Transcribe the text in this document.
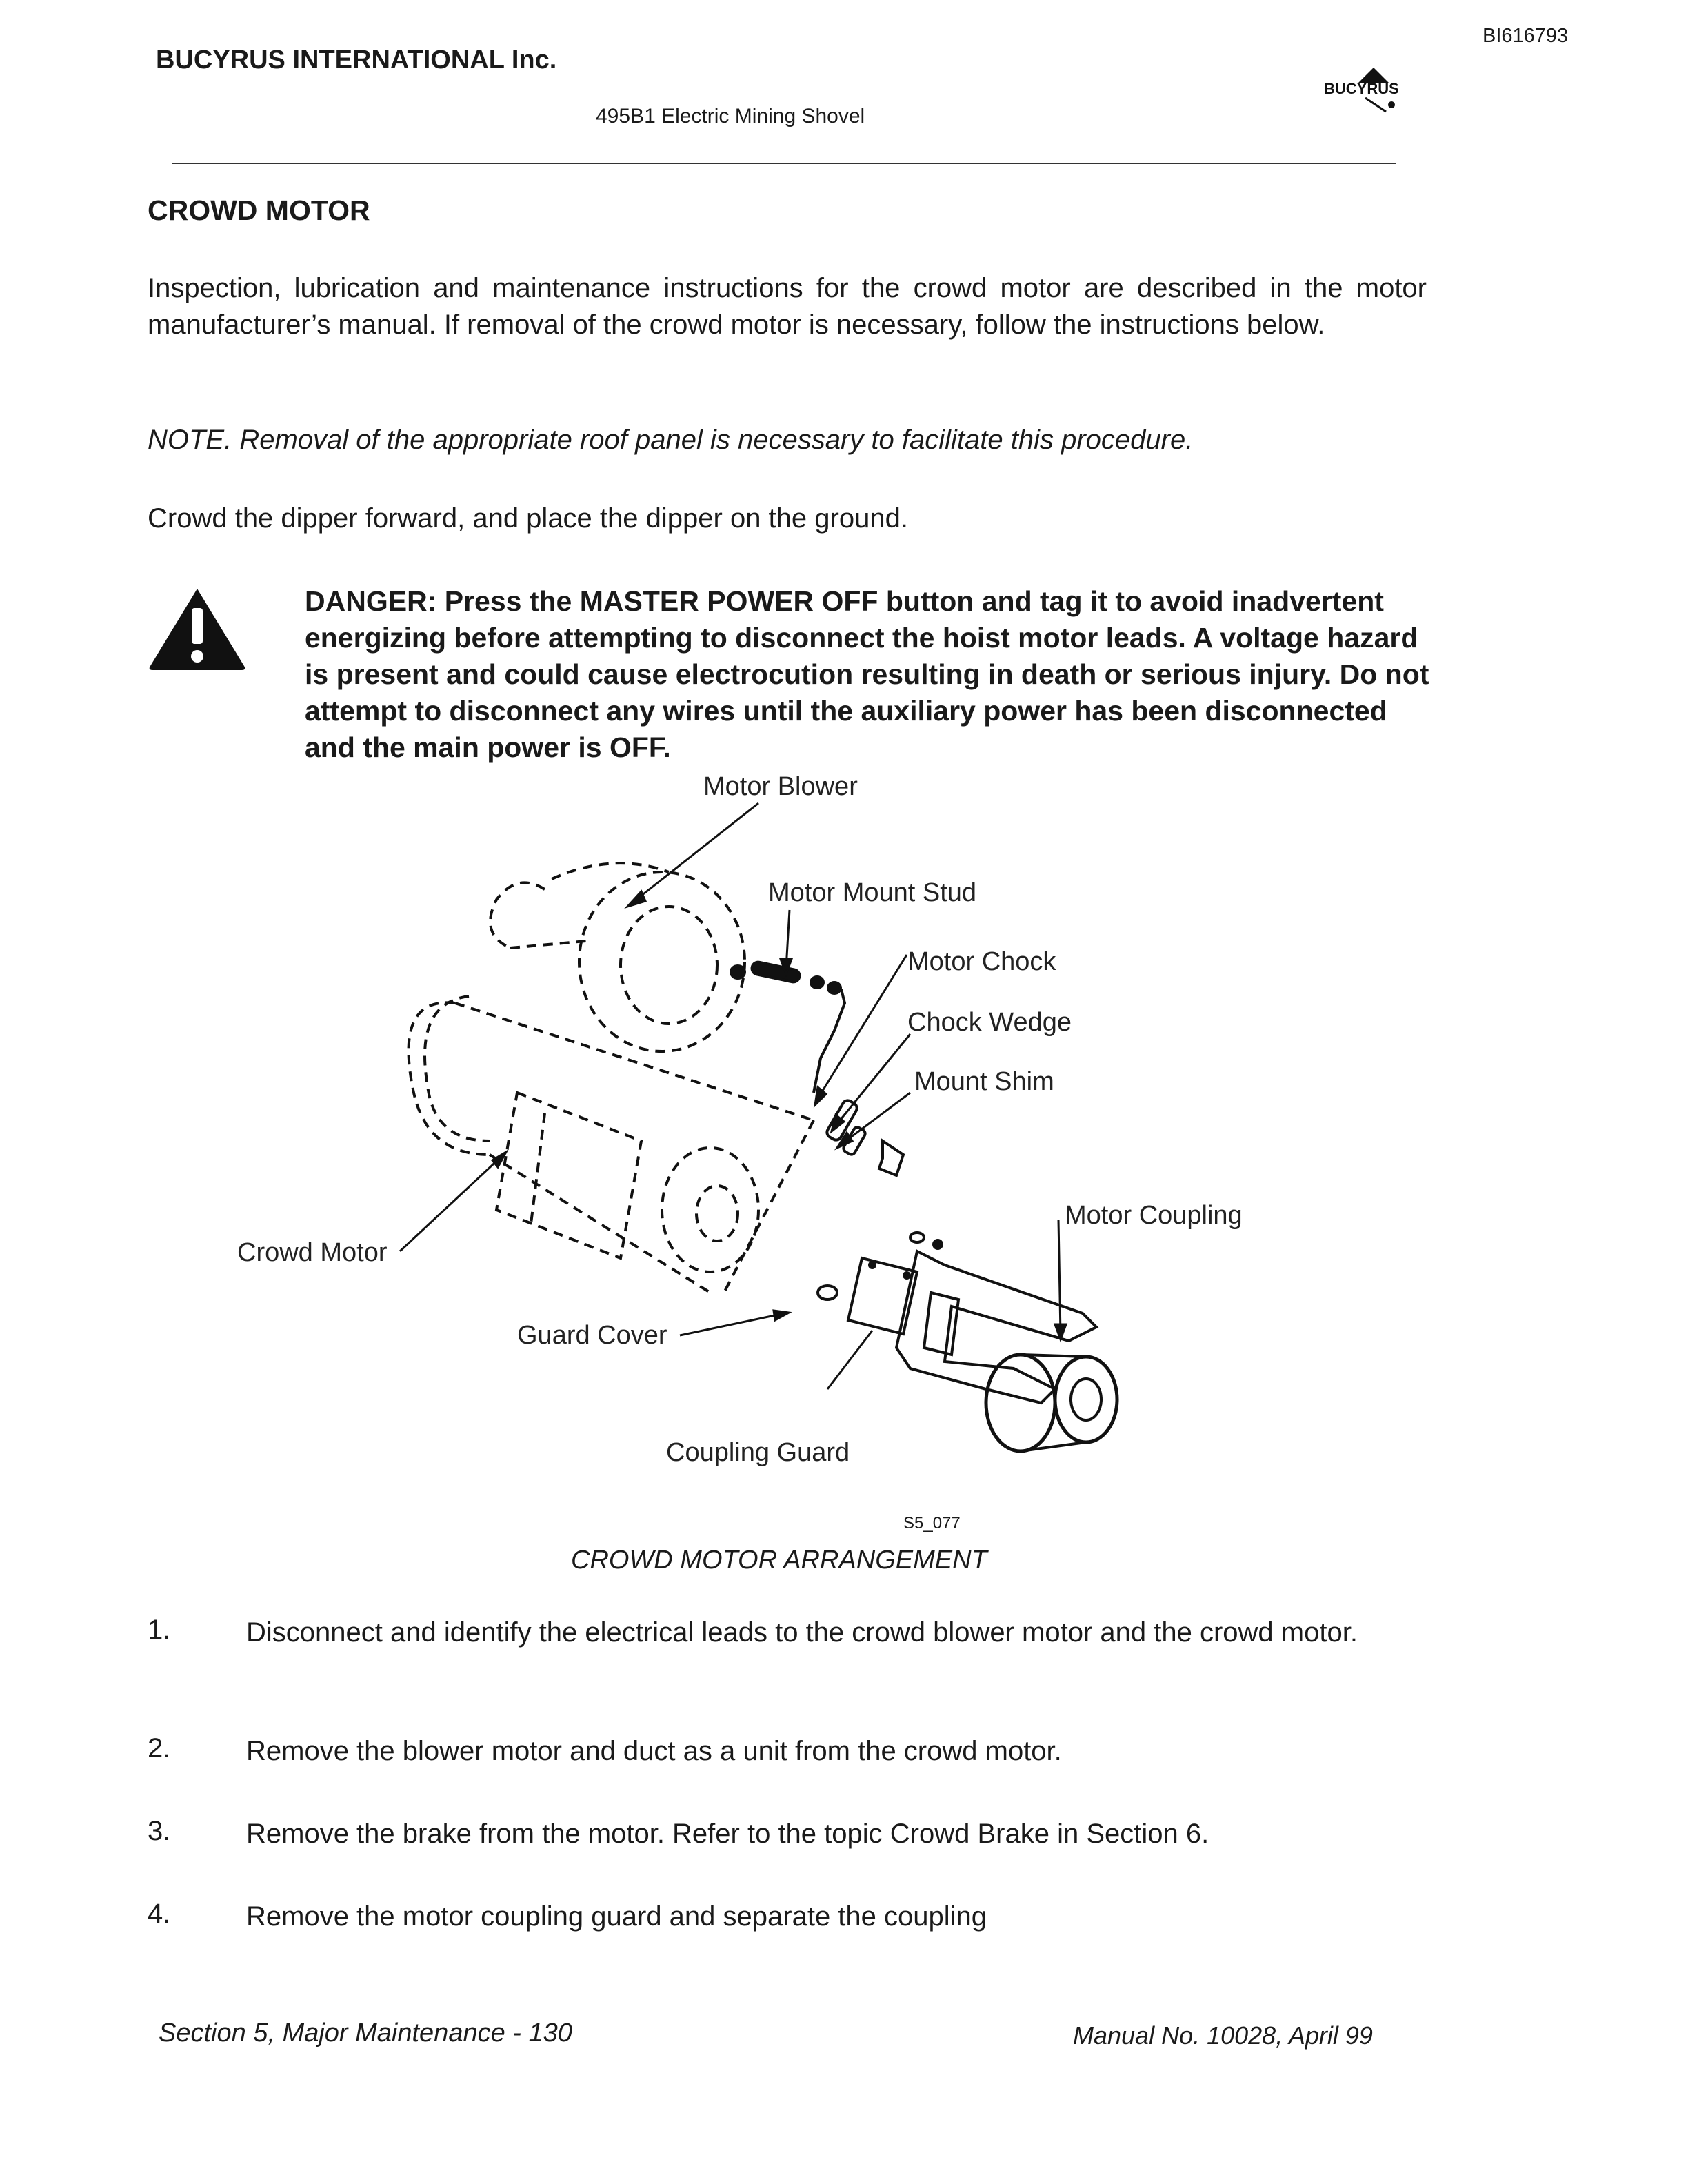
BI616793
BUCYRUS INTERNATIONAL Inc.
495B1 Electric Mining Shovel
BUCYRUS
CROWD MOTOR
Inspection, lubrication and maintenance instructions for the crowd motor are described in the motor manufacturer’s manual. If removal of the crowd motor is necessary, follow the instructions below.
NOTE. Removal of the appropriate roof panel is necessary to facilitate this procedure.
Crowd the dipper forward, and place the dipper on the ground.
DANGER: Press the MASTER POWER OFF button and tag it to avoid inadvertent energizing before attempting to disconnect the hoist motor leads. A voltage hazard is present and could cause electrocution resulting in death or serious injury. Do not attempt to disconnect any wires until the auxiliary power has been disconnected and the main power is OFF.
Motor Blower
Motor Mount Stud
Motor Chock
Chock Wedge
Mount Shim
Motor Coupling
Crowd Motor
Guard Cover
Coupling Guard
S5_077
CROWD MOTOR ARRANGEMENT
1.	Disconnect and identify the electrical leads to the crowd blower motor and the crowd motor.
2.	Remove the blower motor and duct as a unit from the crowd motor.
3.	Remove the brake from the motor. Refer to the topic Crowd Brake in Section 6.
4.	Remove the motor coupling guard and separate the coupling
Section 5, Major Maintenance - 130	Manual No. 10028, April 99
